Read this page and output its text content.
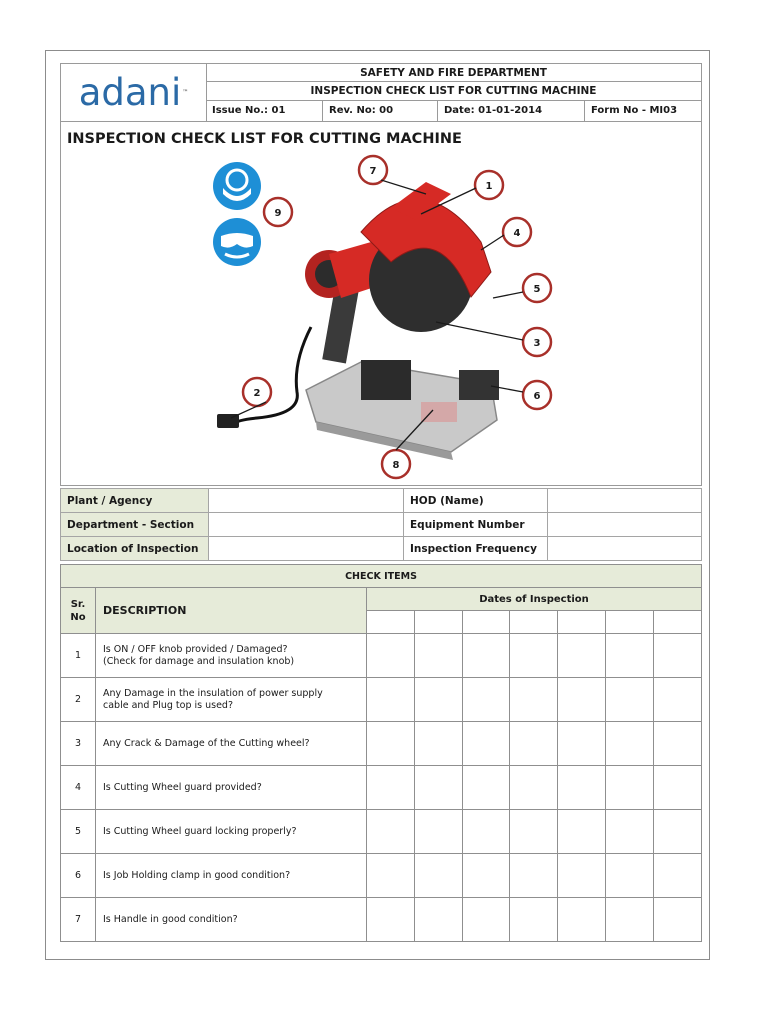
adani ™
SAFETY AND FIRE DEPARTMENT
INSPECTION CHECK LIST FOR CUTTING MACHINE
Issue No.: 01	Rev. No: 00	Date: 01-01-2014	Form No - MI03
INSPECTION CHECK LIST FOR CUTTING MACHINE
7
1
9
4
5
3
6
2
8
Plant / Agency		HOD (Name)	
Department - Section		Equipment Number	
Location of Inspection		Inspection Frequency	
CHECK ITEMS								
Sr. No	DESCRIPTION	Dates of Inspection						

1	Is ON / OFF knob provided / Damaged?
(Check for damage and insulation knob)							

2	Any Damage in the insulation of power supply
cable and Plug top is used?							

3	Any Crack & Damage of the Cutting wheel?							
4	Is Cutting Wheel guard provided?							
5	Is Cutting Wheel guard locking properly?							
6	Is Job Holding clamp in good condition?							
7	Is Handle in good condition?							
